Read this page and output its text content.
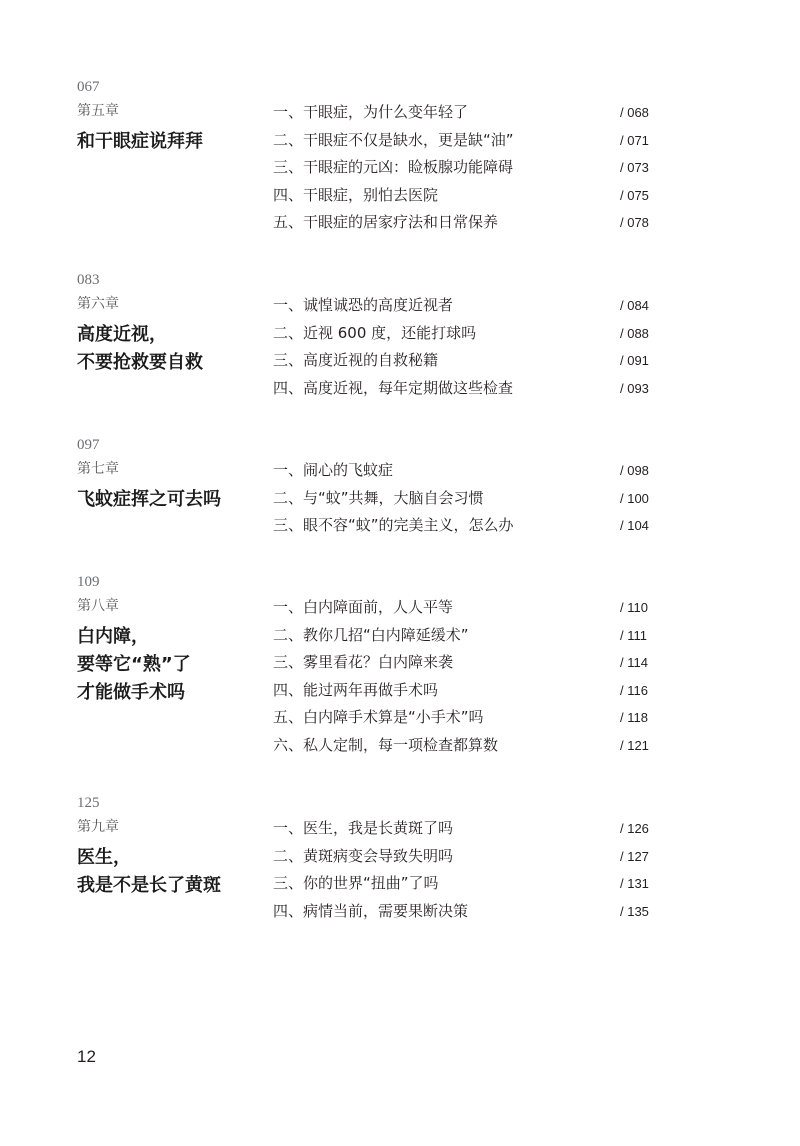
067
第五章
和干眼症说拜拜
一、干眼症，为什么变年轻了	/ 068
二、干眼症不仅是缺水，更是缺“油”	/ 071
三、干眼症的元凶：睑板腺功能障碍	/ 073
四、干眼症，别怕去医院	/ 075
五、干眼症的居家疗法和日常保养	/ 078
083
第六章
高度近视，
不要抢救要自救
一、诚惶诚恐的高度近视者	/ 084
二、近视 600 度，还能打球吗	/ 088
三、高度近视的自救秘籍	/ 091
四、高度近视，每年定期做这些检查	/ 093
097
第七章
飞蚊症挥之可去吗
一、闹心的飞蚊症	/ 098
二、与“蚊”共舞，大脑自会习惯	/ 100
三、眼不容“蚊”的完美主义，怎么办	/ 104
109
第八章
白内障，
要等它“熟”了
才能做手术吗
一、白内障面前，人人平等	/ 110
二、教你几招“白内障延缓术”	/ 111
三、雾里看花？白内障来袭	/ 114
四、能过两年再做手术吗	/ 116
五、白内障手术算是“小手术”吗	/ 118
六、私人定制，每一项检查都算数	/ 121
125
第九章
医生，
我是不是长了黄斑
一、医生，我是长黄斑了吗	/ 126
二、黄斑病变会导致失明吗	/ 127
三、你的世界“扭曲”了吗	/ 131
四、病情当前，需要果断决策	/ 135
12
